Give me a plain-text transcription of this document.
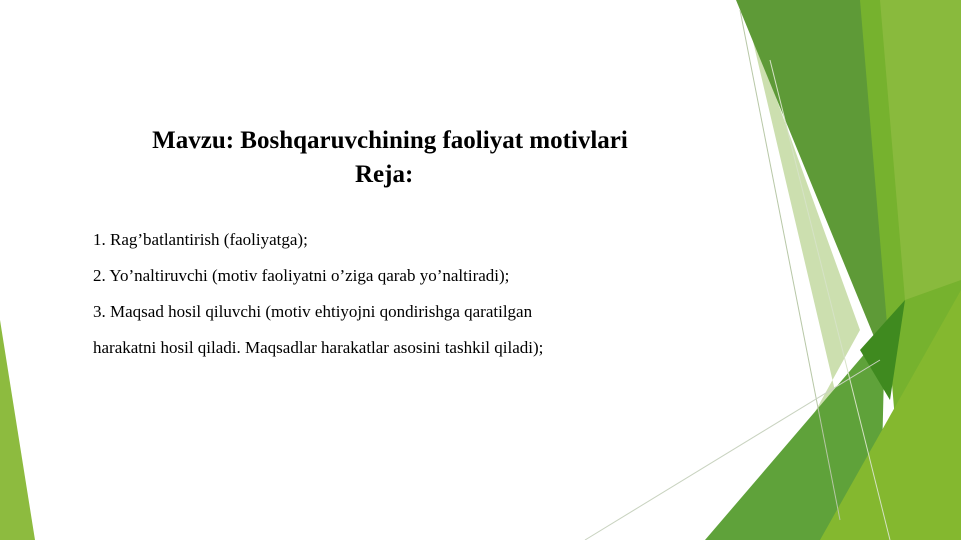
Mavzu: Boshqaruvchining faoliyat motivlari
Reja:
1. Rag’batlantirish (faoliyatga);
2. Yo’naltiruvchi (motiv faoliyatni o’ziga qarab yo’naltiradi);
3. Maqsad hosil qiluvchi (motiv ehtiyojni qondirishga qaratilgan
harakatni hosil qiladi. Maqsadlar harakatlar asosini tashkil qiladi);
